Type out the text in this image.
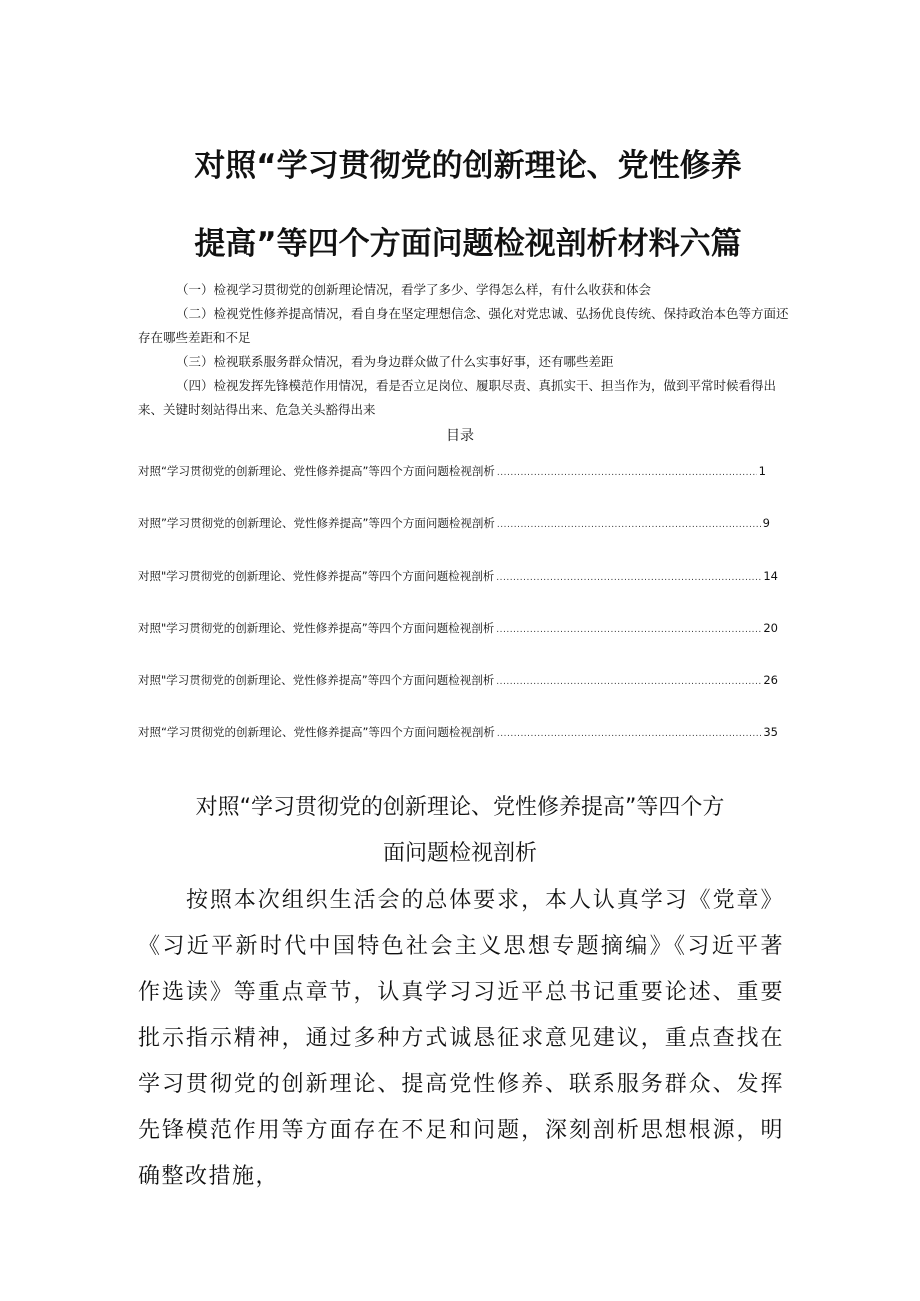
对照“学习贯彻党的创新理论、党性修养
提高”等四个方面问题检视剖析材料六篇

（一）检视学习贯彻党的创新理论情况，看学了多少、学得怎么样，有什么收获和体会

（二）检视党性修养提高情况，看自身在坚定理想信念、强化对党忠诚、弘扬优良传统、保持政治本色等方面还存在哪些差距和不足

（三）检视联系服务群众情况，看为身边群众做了什么实事好事，还有哪些差距

（四）检视发挥先锋模范作用情况，看是否立足岗位、履职尽责、真抓实干、担当作为，做到平常时候看得出来、关键时刻站得出来、危急关头豁得出来

目录
对照“学习贯彻党的创新理论、党性修养提高”等四个方面问题检视剖析 .....	1
对照”学习贯彻党的创新理论、党性修养提高”等四个方面问题检视剖析 .....	9
对照"学习贯彻党的创新理论、党性修养提高”等四个方面问题检视剖析 .....	14
对照"学习贯彻党的创新理论、党性修养提高”等四个方面问题检视剖析 .....	20
对照"学习贯彻党的创新理论、党性修养提高”等四个方面问题检视剖析 .....	26
对照“学习贯彻党的创新理论、党性修养提高”等四个方面问题检视剖析 .....	35
对照“学习贯彻党的创新理论、党性修养提高”等四个方
面问题检视剖析

按照本次组织生活会的总体要求，本人认真学习《党章》《习近平新时代中国特色社会主义思想专题摘编》《习近平著作选读》等重点章节，认真学习习近平总书记重要论述、重要批示指示精神，通过多种方式诚恳征求意见建议，重点查找在学习贯彻党的创新理论、提高党性修养、联系服务群众、发挥先锋模范作用等方面存在不足和问题，深刻剖析思想根源，明确整改措施，
